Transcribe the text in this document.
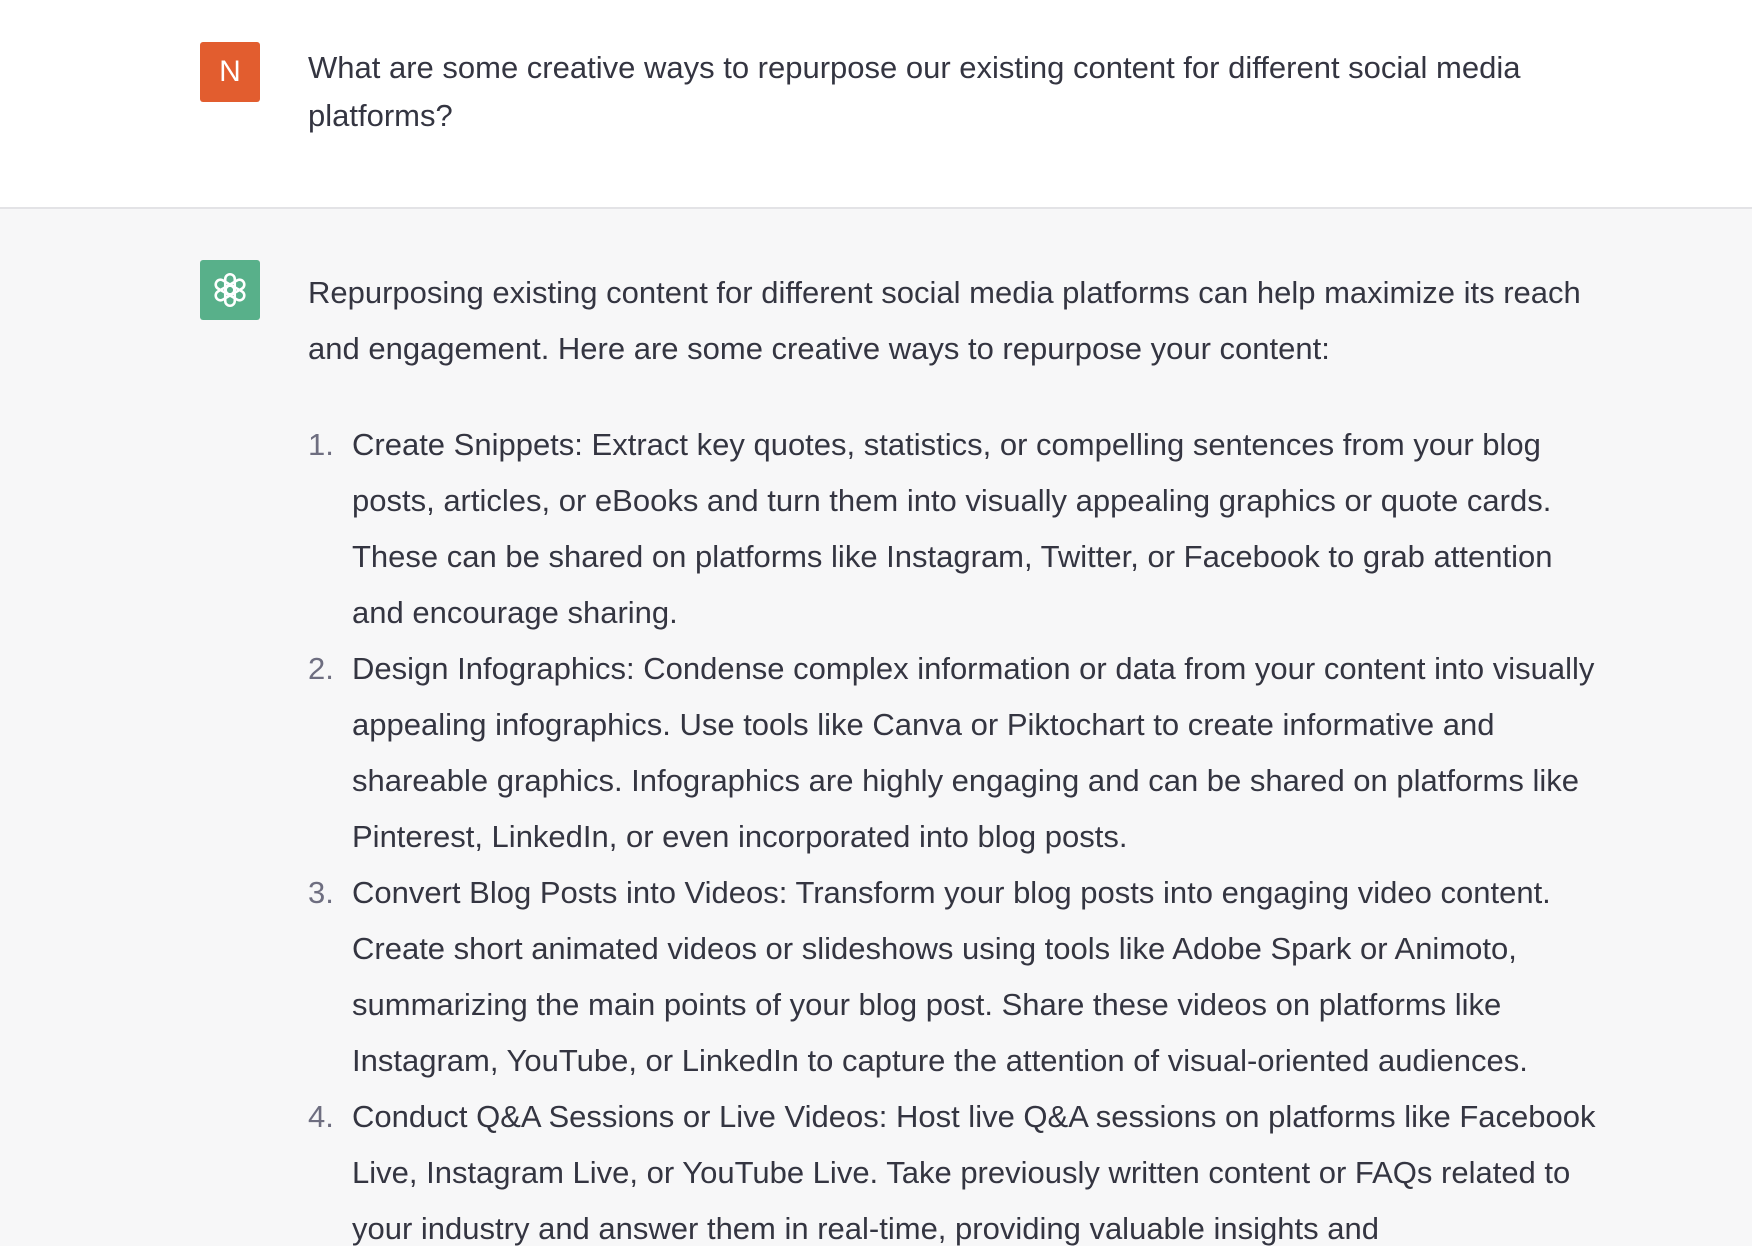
N What are some creative ways to repurpose our existing content for different social media platforms?

Repurposing existing content for different social media platforms can help maximize its reach and engagement. Here are some creative ways to repurpose your content:

1. Create Snippets: Extract key quotes, statistics, or compelling sentences from your blog posts, articles, or eBooks and turn them into visually appealing graphics or quote cards. These can be shared on platforms like Instagram, Twitter, or Facebook to grab attention and encourage sharing.
2. Design Infographics: Condense complex information or data from your content into visually appealing infographics. Use tools like Canva or Piktochart to create informative and shareable graphics. Infographics are highly engaging and can be shared on platforms like Pinterest, LinkedIn, or even incorporated into blog posts.
3. Convert Blog Posts into Videos: Transform your blog posts into engaging video content. Create short animated videos or slideshows using tools like Adobe Spark or Animoto, summarizing the main points of your blog post. Share these videos on platforms like Instagram, YouTube, or LinkedIn to capture the attention of visual-oriented audiences.
4. Conduct Q&A Sessions or Live Videos: Host live Q&A sessions on platforms like Facebook Live, Instagram Live, or YouTube Live. Take previously written content or FAQs related to your industry and answer them in real-time, providing valuable insights and
